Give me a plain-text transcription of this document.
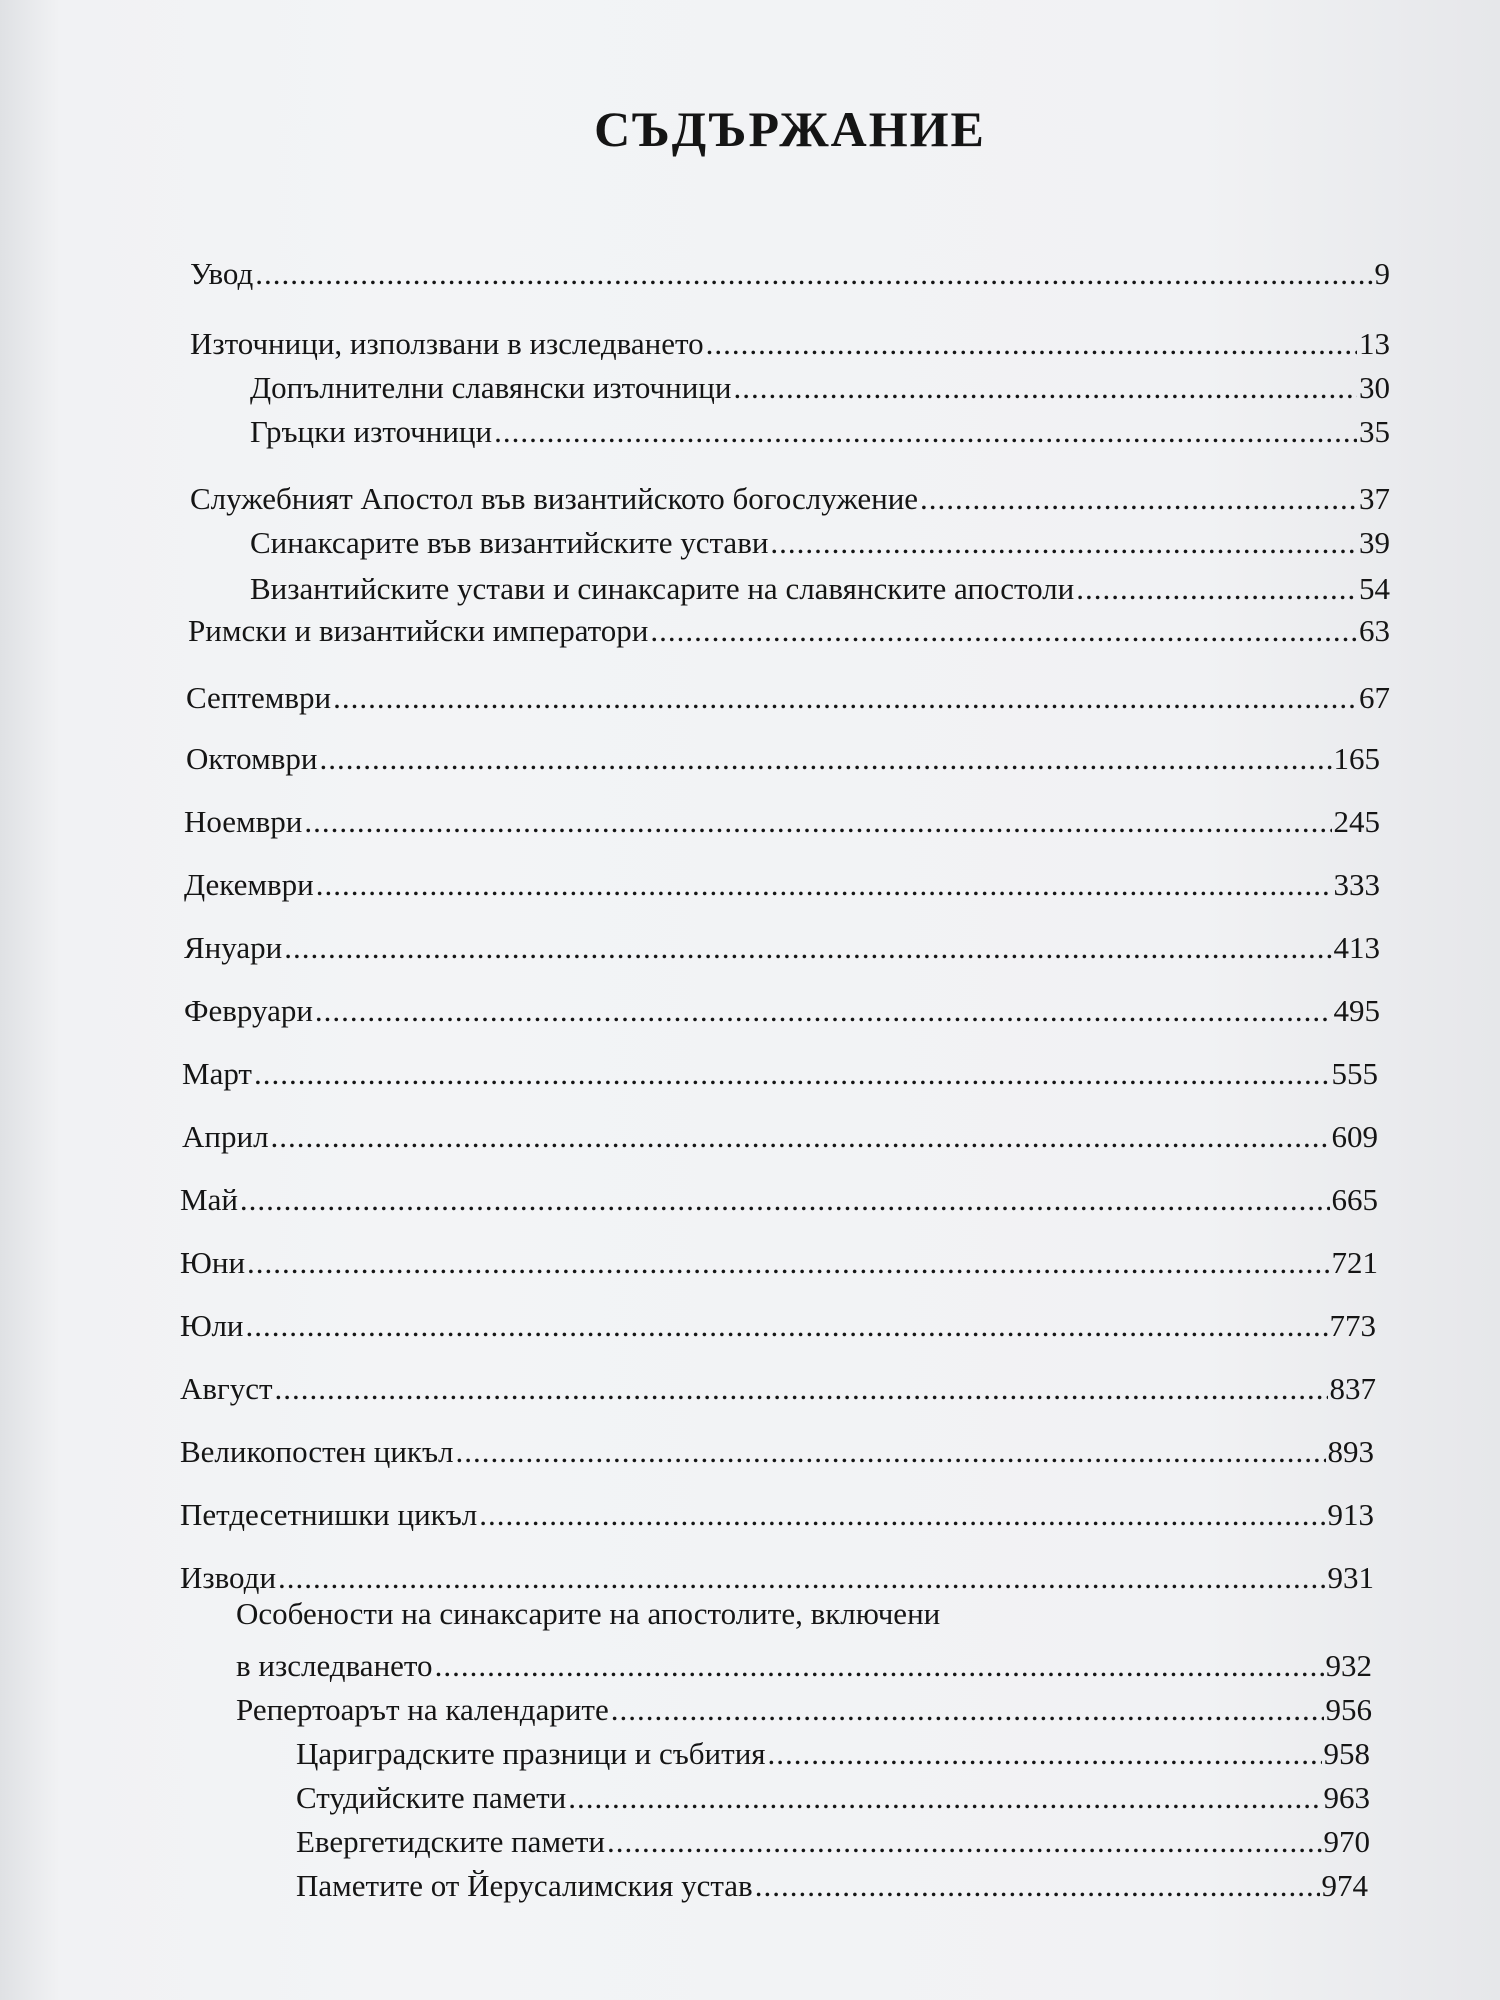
СЪДЪРЖАНИЕ
Увод .....	9
Източници, използвани в изследването .....	13
Допълнителни славянски източници .....	30
Гръцки източници .....	35
Служебният Апостол във византийското богослужение .....	37
Синаксарите във византийските устави .....	39
Византийските устави и синаксарите на славянските апостоли .....	54
Римски и византийски императори .....	63
Септември .....	67
Октомври .....	165
Ноември .....	245
Декември .....	333
Януари .....	413
Февруари .....	495
Март .....	555
Април .....	609
Май .....	665
Юни .....	721
Юли .....	773
Август .....	837
Великопостен цикъл .....	893
Петдесетнишки цикъл .....	913
Изводи .....	931
Особености на синаксарите на апостолите, включени
в изследването .....	932
Репертоарът на календарите .....	956
Цариградските празници и събития .....	958
Студийските памети .....	963
Евергетидските памети .....	970
Паметите от Йерусалимския устав .....	974
